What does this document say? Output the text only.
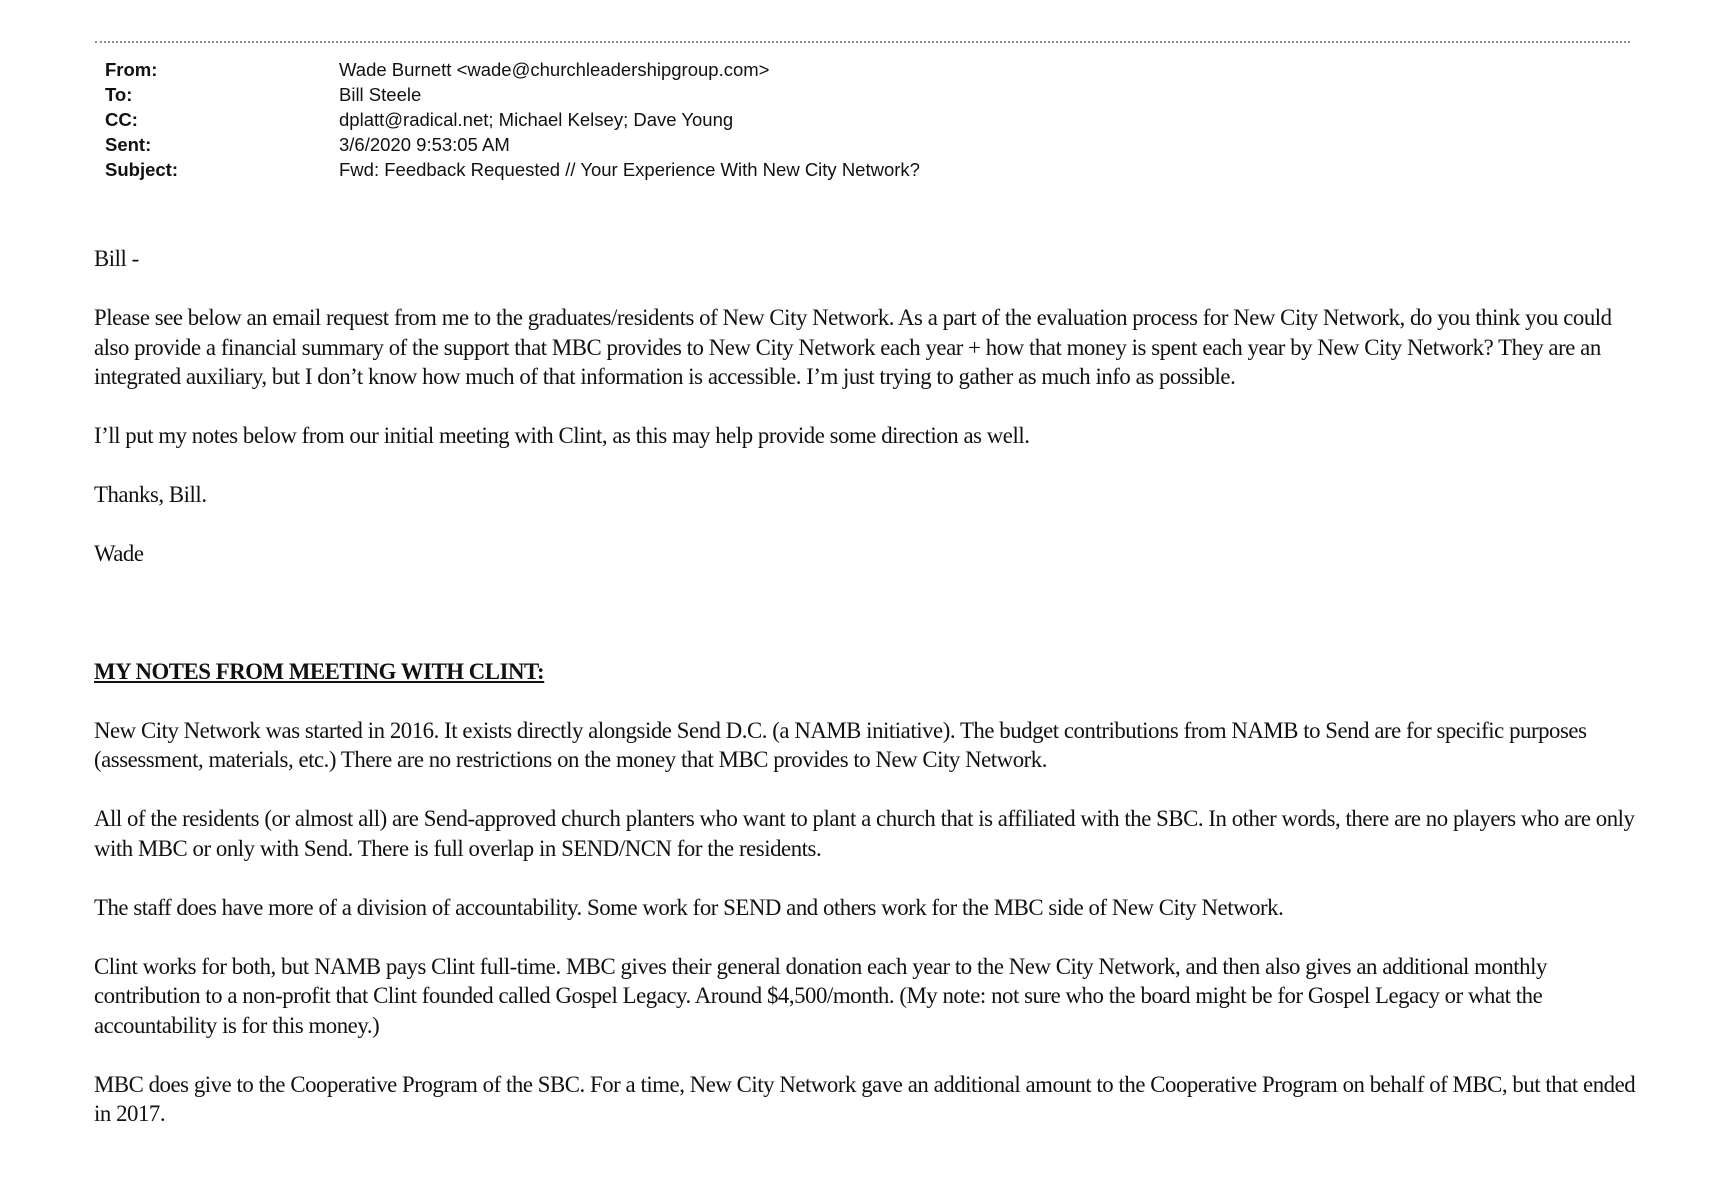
From:	Wade Burnett <wade@churchleadershipgroup.com>
To:	Bill Steele
CC:	dplatt@radical.net; Michael Kelsey; Dave Young
Sent:	3/6/2020 9:53:05 AM
Subject:	Fwd: Feedback Requested // Your Experience With New City Network?

Bill -

Please see below an email request from me to the graduates/residents of New City Network. As a part of the evaluation process for New City Network, do you think you could also provide a financial summary of the support that MBC provides to New City Network each year + how that money is spent each year by New City Network? They are an integrated auxiliary, but I don’t know how much of that information is accessible. I’m just trying to gather as much info as possible.

I’ll put my notes below from our initial meeting with Clint, as this may help provide some direction as well.

Thanks, Bill.

Wade

MY NOTES FROM MEETING WITH CLINT:

New City Network was started in 2016. It exists directly alongside Send D.C. (a NAMB initiative). The budget contributions from NAMB to Send are for specific purposes (assessment, materials, etc.) There are no restrictions on the money that MBC provides to New City Network.

All of the residents (or almost all) are Send-approved church planters who want to plant a church that is affiliated with the SBC. In other words, there are no players who are only with MBC or only with Send. There is full overlap in SEND/NCN for the residents.

The staff does have more of a division of accountability. Some work for SEND and others work for the MBC side of New City Network.

Clint works for both, but NAMB pays Clint full-time. MBC gives their general donation each year to the New City Network, and then also gives an additional monthly contribution to a non-profit that Clint founded called Gospel Legacy. Around $4,500/month. (My note: not sure who the board might be for Gospel Legacy or what the accountability is for this money.)

MBC does give to the Cooperative Program of the SBC. For a time, New City Network gave an additional amount to the Cooperative Program on behalf of MBC, but that ended in 2017.
